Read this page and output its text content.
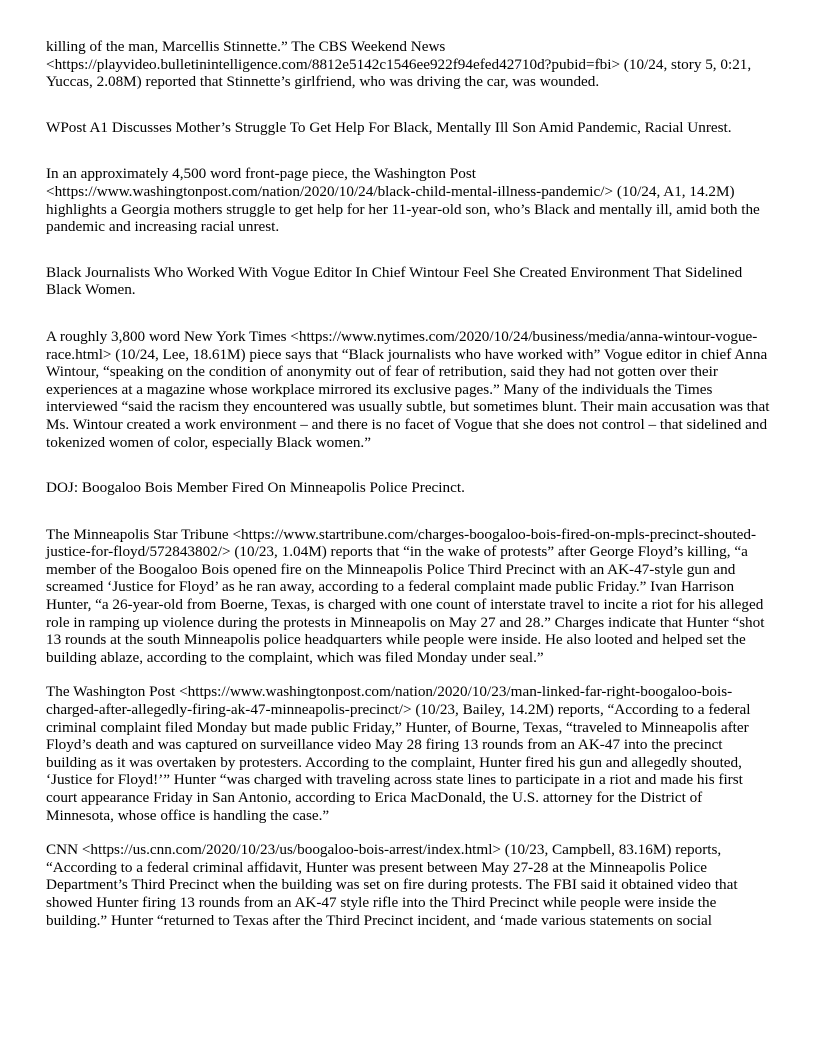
killing of the man, Marcellis Stinnette.” The CBS Weekend News <https://playvideo.bulletinintelligence.com/8812e5142c1546ee922f94efed42710d?pubid=fbi> (10/24, story 5, 0:21, Yuccas, 2.08M) reported that Stinnette’s girlfriend, who was driving the car, was wounded.

WPost A1 Discusses Mother’s Struggle To Get Help For Black, Mentally Ill Son Amid Pandemic, Racial Unrest.

In an approximately 4,500 word front-page piece, the Washington Post <https://www.washingtonpost.com/nation/2020/10/24/black-child-mental-illness-pandemic/> (10/24, A1, 14.2M) highlights a Georgia mothers struggle to get help for her 11-year-old son, who’s Black and mentally ill, amid both the pandemic and increasing racial unrest.

Black Journalists Who Worked With Vogue Editor In Chief Wintour Feel She Created Environment That Sidelined Black Women.

A roughly 3,800 word New York Times <https://www.nytimes.com/2020/10/24/business/media/anna-wintour-vogue-race.html> (10/24, Lee, 18.61M) piece says that “Black journalists who have worked with” Vogue editor in chief Anna Wintour, “speaking on the condition of anonymity out of fear of retribution, said they had not gotten over their experiences at a magazine whose workplace mirrored its exclusive pages.” Many of the individuals the Times interviewed “said the racism they encountered was usually subtle, but sometimes blunt. Their main accusation was that Ms. Wintour created a work environment – and there is no facet of Vogue that she does not control – that sidelined and tokenized women of color, especially Black women.”

DOJ: Boogaloo Bois Member Fired On Minneapolis Police Precinct.

The Minneapolis Star Tribune <https://www.startribune.com/charges-boogaloo-bois-fired-on-mpls-precinct-shouted-justice-for-floyd/572843802/> (10/23, 1.04M) reports that “in the wake of protests” after George Floyd’s killing, “a member of the Boogaloo Bois opened fire on the Minneapolis Police Third Precinct with an AK-47-style gun and screamed ‘Justice for Floyd’ as he ran away, according to a federal complaint made public Friday.” Ivan Harrison Hunter, “a 26-year-old from Boerne, Texas, is charged with one count of interstate travel to incite a riot for his alleged role in ramping up violence during the protests in Minneapolis on May 27 and 28.” Charges indicate that Hunter “shot 13 rounds at the south Minneapolis police headquarters while people were inside. He also looted and helped set the building ablaze, according to the complaint, which was filed Monday under seal.”

The Washington Post <https://www.washingtonpost.com/nation/2020/10/23/man-linked-far-right-boogaloo-bois-charged-after-allegedly-firing-ak-47-minneapolis-precinct/> (10/23, Bailey, 14.2M) reports, “According to a federal criminal complaint filed Monday but made public Friday,” Hunter, of Bourne, Texas, “traveled to Minneapolis after Floyd’s death and was captured on surveillance video May 28 firing 13 rounds from an AK-47 into the precinct building as it was overtaken by protesters. According to the complaint, Hunter fired his gun and allegedly shouted, ‘Justice for Floyd!’” Hunter “was charged with traveling across state lines to participate in a riot and made his first court appearance Friday in San Antonio, according to Erica MacDonald, the U.S. attorney for the District of Minnesota, whose office is handling the case.”

CNN <https://us.cnn.com/2020/10/23/us/boogaloo-bois-arrest/index.html> (10/23, Campbell, 83.16M) reports, “According to a federal criminal affidavit, Hunter was present between May 27-28 at the Minneapolis Police Department’s Third Precinct when the building was set on fire during protests. The FBI said it obtained video that showed Hunter firing 13 rounds from an AK-47 style rifle into the Third Precinct while people were inside the building.” Hunter “returned to Texas after the Third Precinct incident, and ‘made various statements on social
